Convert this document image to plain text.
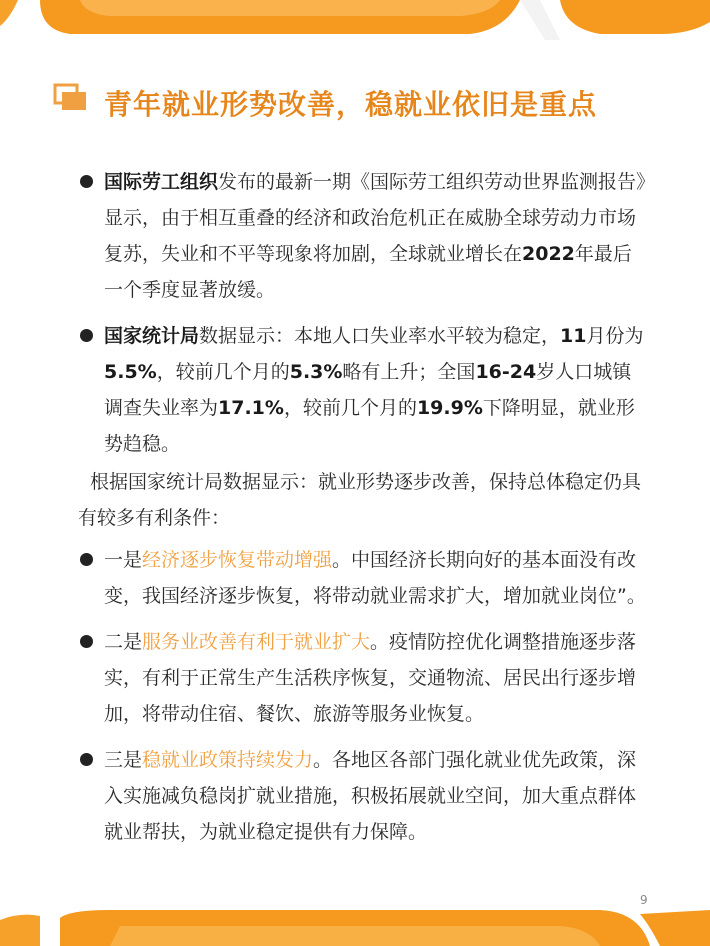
青年就业形势改善，稳就业依旧是重点
国际劳工组织发布的最新一期《国际劳工组织劳动世界监测报告》显示，由于相互重叠的经济和政治危机正在威胁全球劳动力市场复苏，失业和不平等现象将加剧，全球就业增长在2022年最后一个季度显著放缓。
国家统计局数据显示：本地人口失业率水平较为稳定，11月份为5.5%，较前几个月的5.3%略有上升；全国16-24岁人口城镇调查失业率为17.1%，较前几个月的19.9%下降明显，就业形势趋稳。
根据国家统计局数据显示：就业形势逐步改善，保持总体稳定仍具有较多有利条件：
一是经济逐步恢复带动增强。中国经济长期向好的基本面没有改变，我国经济逐步恢复，将带动就业需求扩大，增加就业岗位”。
二是服务业改善有利于就业扩大。疫情防控优化调整措施逐步落实，有利于正常生产生活秩序恢复，交通物流、居民出行逐步增加，将带动住宿、餐饮、旅游等服务业恢复。
三是稳就业政策持续发力。各地区各部门强化就业优先政策，深入实施减负稳岗扩就业措施，积极拓展就业空间，加大重点群体就业帮扶，为就业稳定提供有力保障。
9
